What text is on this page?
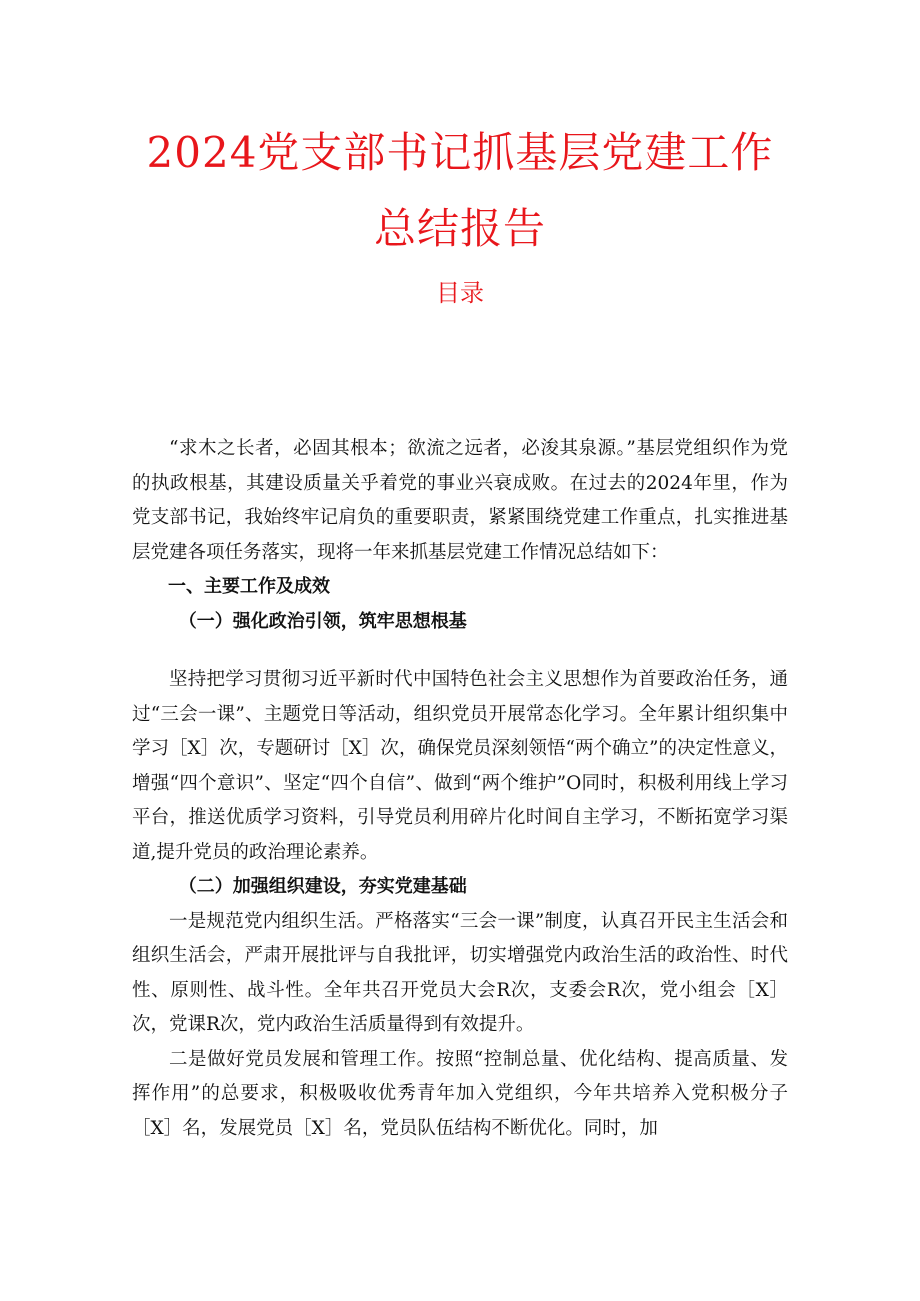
2024党支部书记抓基层党建工作
总结报告
目录

“求木之长者，必固其根本；欲流之远者，必浚其泉源。”基层党组织作为党的执政根基，其建设质量关乎着党的事业兴衰成败。在过去的2024年里，作为党支部书记，我始终牢记肩负的重要职责，紧紧围绕党建工作重点，扎实推进基层党建各项任务落实，现将一年来抓基层党建工作情况总结如下：

一、主要工作及成效

（一）强化政治引领，筑牢思想根基

坚持把学习贯彻习近平新时代中国特色社会主义思想作为首要政治任务，通过“三会一课”、主题党日等活动，组织党员开展常态化学习。全年累计组织集中学习［X］次，专题研讨［X］次，确保党员深刻领悟“两个确立”的决定性意义，增强“四个意识”、坚定“四个自信”、做到“两个维护”O同时，积极利用线上学习平台，推送优质学习资料，引导党员利用碎片化时间自主学习，不断拓宽学习渠道,提升党员的政治理论素养。

（二）加强组织建设，夯实党建基础

一是规范党内组织生活。严格落实“三会一课”制度，认真召开民主生活会和组织生活会，严肃开展批评与自我批评，切实增强党内政治生活的政治性、时代性、原则性、战斗性。全年共召开党员大会R次，支委会R次，党小组会［X］次，党课R次，党内政治生活质量得到有效提升。

二是做好党员发展和管理工作。按照“控制总量、优化结构、提高质量、发挥作用”的总要求，积极吸收优秀青年加入党组织，今年共培养入党积极分子［X］名，发展党员［X］名，党员队伍结构不断优化。同时，加
